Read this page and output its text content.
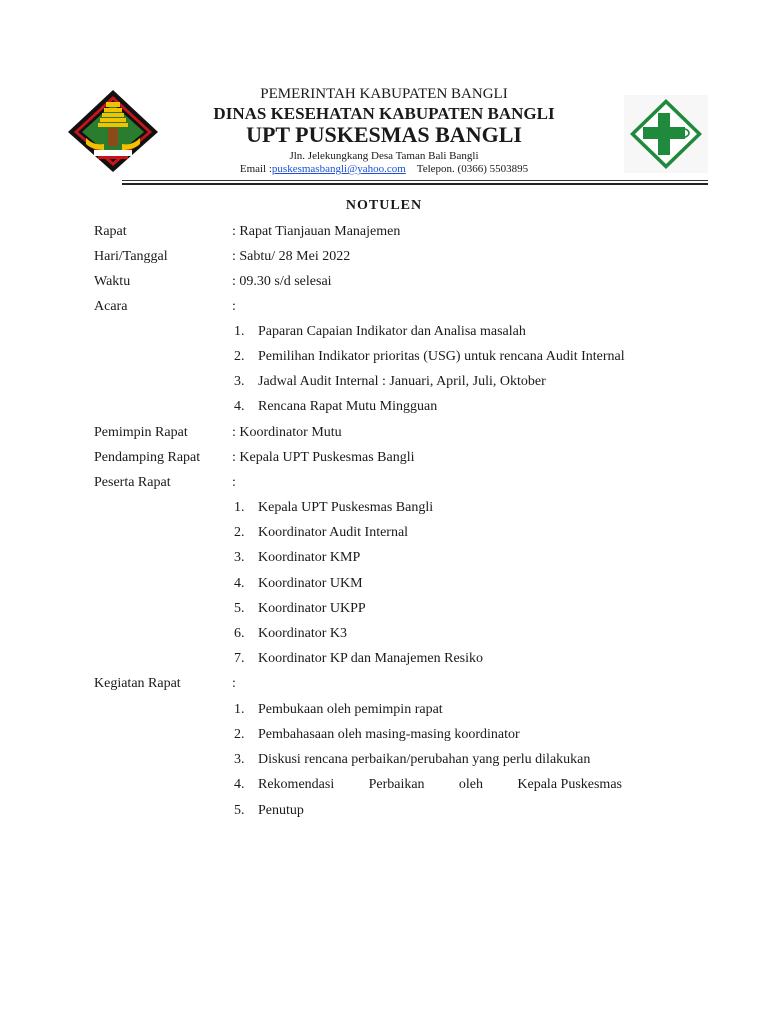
PEMERINTAH KABUPATEN BANGLI
DINAS KESEHATAN KABUPATEN BANGLI
UPT PUSKESMAS BANGLI
Jln. Jelekungkang Desa Taman Bali Bangli
Email :puskesmasbangli@yahoo.com Telepon. (0366) 5503895
NOTULEN
Rapat	: Rapat Tianjauan Manajemen
Hari/Tanggal	: Sabtu/ 28 Mei 2022
Waktu	: 09.30 s/d selesai
Acara	:
1. Paparan Capaian Indikator dan Analisa masalah
2. Pemilihan Indikator prioritas (USG) untuk rencana Audit Internal
3. Jadwal Audit Internal : Januari, April, Juli, Oktober
4. Rencana Rapat Mutu Mingguan
Pemimpin Rapat	: Koordinator Mutu
Pendamping Rapat : Kepala UPT Puskesmas Bangli
Peserta Rapat	:
1. Kepala UPT Puskesmas Bangli
2. Koordinator Audit Internal
3. Koordinator KMP
4. Koordinator UKM
5. Koordinator UKPP
6. Koordinator K3
7. Koordinator KP dan Manajemen Resiko
Kegiatan Rapat	:
1. Pembukaan oleh pemimpin rapat
2. Pembahasaan oleh masing-masing koordinator
3. Diskusi rencana perbaikan/perubahan yang perlu dilakukan
4. Rekomendasi Perbaikan oleh Kepala Puskesmas
5. Penutup
